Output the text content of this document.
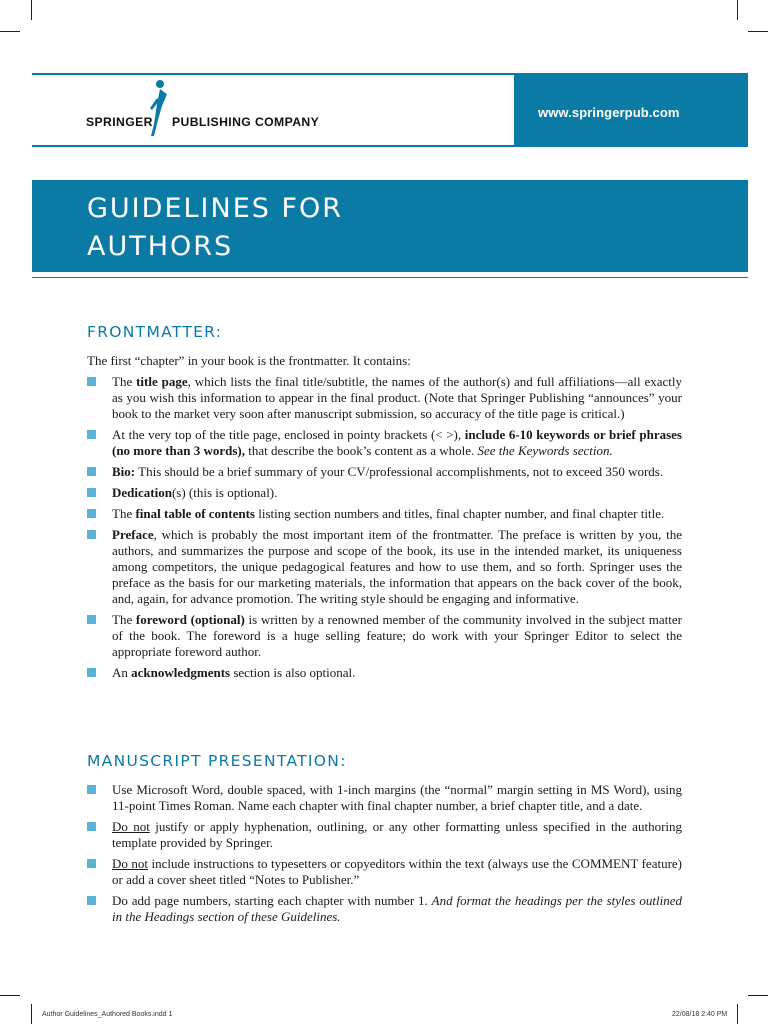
SPRINGER PUBLISHING COMPANY
www.springerpub.com
GUIDELINES FOR
AUTHORS
FRONTMATTER:
The first “chapter” in your book is the frontmatter. It contains:
The title page, which lists the final title/subtitle, the names of the author(s) and full affiliations—all exactly as you wish this information to appear in the final product. (Note that Springer Publishing “announces” your book to the market very soon after manuscript submission, so accuracy of the title page is critical.)
At the very top of the title page, enclosed in pointy brackets (< >), include 6-10 keywords or brief phrases (no more than 3 words), that describe the book’s content as a whole. See the Keywords section.
Bio: This should be a brief summary of your CV/professional accomplishments, not to exceed 350 words.
Dedication(s) (this is optional).
The final table of contents listing section numbers and titles, final chapter number, and final chapter title.
Preface, which is probably the most important item of the frontmatter. The preface is written by you, the authors, and summarizes the purpose and scope of the book, its use in the intended market, its uniqueness among competitors, the unique pedagogical features and how to use them, and so forth. Springer uses the preface as the basis for our marketing materials, the information that appears on the back cover of the book, and, again, for advance promotion. The writing style should be engaging and informative.
The foreword (optional) is written by a renowned member of the community involved in the subject matter of the book. The foreword is a huge selling feature; do work with your Springer Editor to select the appropriate foreword author.
An acknowledgments section is also optional.
MANUSCRIPT PRESENTATION:
Use Microsoft Word, double spaced, with 1-inch margins (the “normal” margin setting in MS Word), using 11-point Times Roman. Name each chapter with final chapter number, a brief chapter title, and a date.
Do not justify or apply hyphenation, outlining, or any other formatting unless specified in the authoring template provided by Springer.
Do not include instructions to typesetters or copyeditors within the text (always use the COMMENT feature) or add a cover sheet titled “Notes to Publisher.”
Do add page numbers, starting each chapter with number 1. And format the headings per the styles outlined in the Headings section of these Guidelines.
Author Guidelines_Authored Books.indd 1	22/08/18 2:40 PM
